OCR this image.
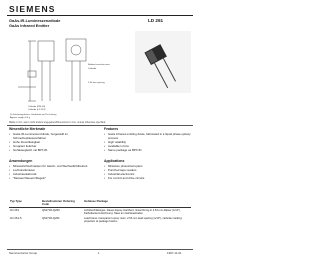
SIEMENS
GaAs-IR-Lumineszenzdiode
GaAs Infrared Emitter
LD 261
Radiant sensitive area
Cathode
2.54 mm spacing
Cathode (IPR-50)
Cathode (LD 261)
1) Gehäusegehäuse: Verdrahtet mit Pin-Leitung
Approx. weight 0.5 g
Maße in mm, wenn nicht anders angegeben/Dimensions in mm, unless otherwise specified.
Wesentliche Merkmale
• GaAs-IR-Lumineszenzdiode, hergestellt im Schmelzepitaxieverfahren
• Hohe Zuverlässigkeit
• Gruppiert lieferbar
• Gehäusegleich mit BPX 81
Features
• GaAs infrared emitting diode, fabricated in a liquid phase epitaxy process
• High reliability
• Available in bins
• Same package as BPX 81
Anwendungen
• Miniaturlichtschranken für Gleich- und Wechsellichtbetrieb
• Lochstreifenleser
• Industrieelektronik
• "Messen/Steuern/Regeln"
Applications
• Miniature photointerrupters
• Punched tape readers
• Industrial electronics
• For control and drive circuits
Typ Type	Bestellnummer Ordering Code	Gehäuse Package
LD 261	Q62703-Q260	Lichtdurchlässiges, blaues Epoxy-Gießharz, linsenförmig in 2.54-mm-Raster (1/10"), Kathodenkennzeichnung: Nase am Gehäuseboden
LD 261-5	Q62703-Q261	Lead frame, transparent epoxy resin, 2.54-mm lead spacing (1/10"), cathode marking: projection at package bottom
Semiconductor Group	1	1997-11-01
